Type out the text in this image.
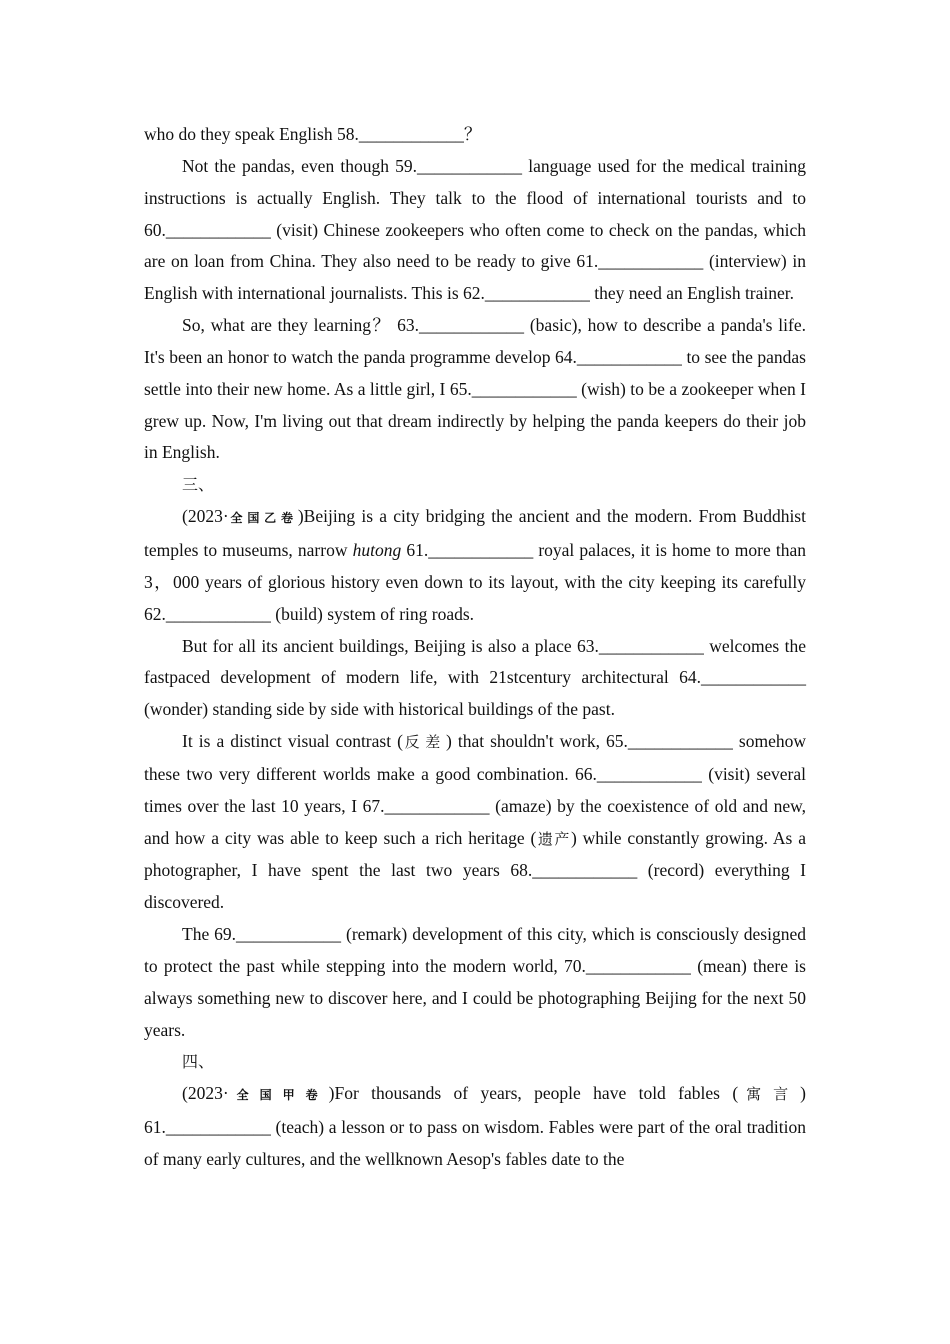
who do they speak English 58.____________？

Not the pandas, even though 59.____________ language used for the medical training instructions is actually English. They talk to the flood of international tourists and to 60.____________ (visit) Chinese zookeepers who often come to check on the pandas, which are on loan from China. They also need to be ready to give 61.____________ (interview) in English with international journalists. This is 62.____________ they need an English trainer.

So, what are they learning？ 63.____________ (basic), how to describe a panda's life. It's been an honor to watch the panda programme develop 64.____________ to see the pandas settle into their new home. As a little girl, I 65.____________ (wish) to be a zookeeper when I grew up. Now, I'm living out that dream indirectly by helping the panda keepers do their job in English.

三、

(2023·全国乙卷)Beijing is a city bridging the ancient and the modern. From Buddhist temples to museums, narrow hutong 61.____________ royal palaces, it is home to more than 3，000 years of glorious history even down to its layout, with the city keeping its carefully 62.____________ (build) system of ring roads.

But for all its ancient buildings, Beijing is also a place 63.____________ welcomes the fastpaced development of modern life, with 21stcentury architectural 64.____________ (wonder) standing side by side with historical buildings of the past.

It is a distinct visual contrast (反差) that shouldn't work, 65.____________ somehow these two very different worlds make a good combination. 66.____________ (visit) several times over the last 10 years, I 67.____________ (amaze) by the coexistence of old and new, and how a city was able to keep such a rich heritage (遗产) while constantly growing. As a photographer, I have spent the last two years 68.____________ (record) everything I discovered.

The 69.____________ (remark) development of this city, which is consciously designed to protect the past while stepping into the modern world, 70.____________ (mean) there is always something new to discover here, and I could be photographing Beijing for the next 50 years.

四、

(2023·全国甲卷)For thousands of years, people have told fables (寓言) 61.____________ (teach) a lesson or to pass on wisdom. Fables were part of the oral tradition of many early cultures, and the wellknown Aesop's fables date to the
